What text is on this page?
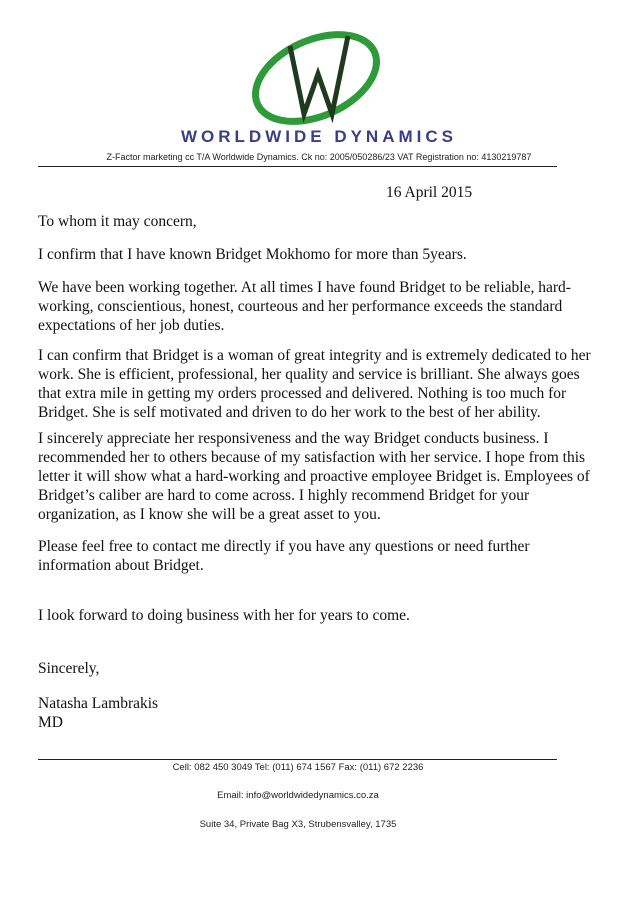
WORLDWIDE DYNAMICS
Z-Factor marketing cc T/A Worldwide Dynamics. Ck no: 2005/050286/23 VAT Registration no: 4130219787
16 April 2015

To whom it may concern,

I confirm that I have known Bridget Mokhomo for more than 5years.

We have been working together. At all times I have found Bridget to be reliable, hard-working, conscientious, honest, courteous and her performance exceeds the standard expectations of her job duties.

I can confirm that Bridget is a woman of great integrity and is extremely dedicated to her work. She is efficient, professional, her quality and service is brilliant. She always goes that extra mile in getting my orders processed and delivered. Nothing is too much for Bridget. She is self motivated and driven to do her work to the best of her ability.

I sincerely appreciate her responsiveness and the way Bridget conducts business. I recommended her to others because of my satisfaction with her service. I hope from this letter it will show what a hard-working and proactive employee Bridget is. Employees of Bridget’s caliber are hard to come across. I highly recommend Bridget for your organization, as I know she will be a great asset to you.

Please feel free to contact me directly if you have any questions or need further information about Bridget.

I look forward to doing business with her for years to come.

Sincerely,

Natasha Lambrakis

MD

Cell: 082 450 3049 Tel: (011) 674 1567 Fax: (011) 672 2236
Email: info@worldwidedynamics.co.za
Suite 34, Private Bag X3, Strubensvalley, 1735
